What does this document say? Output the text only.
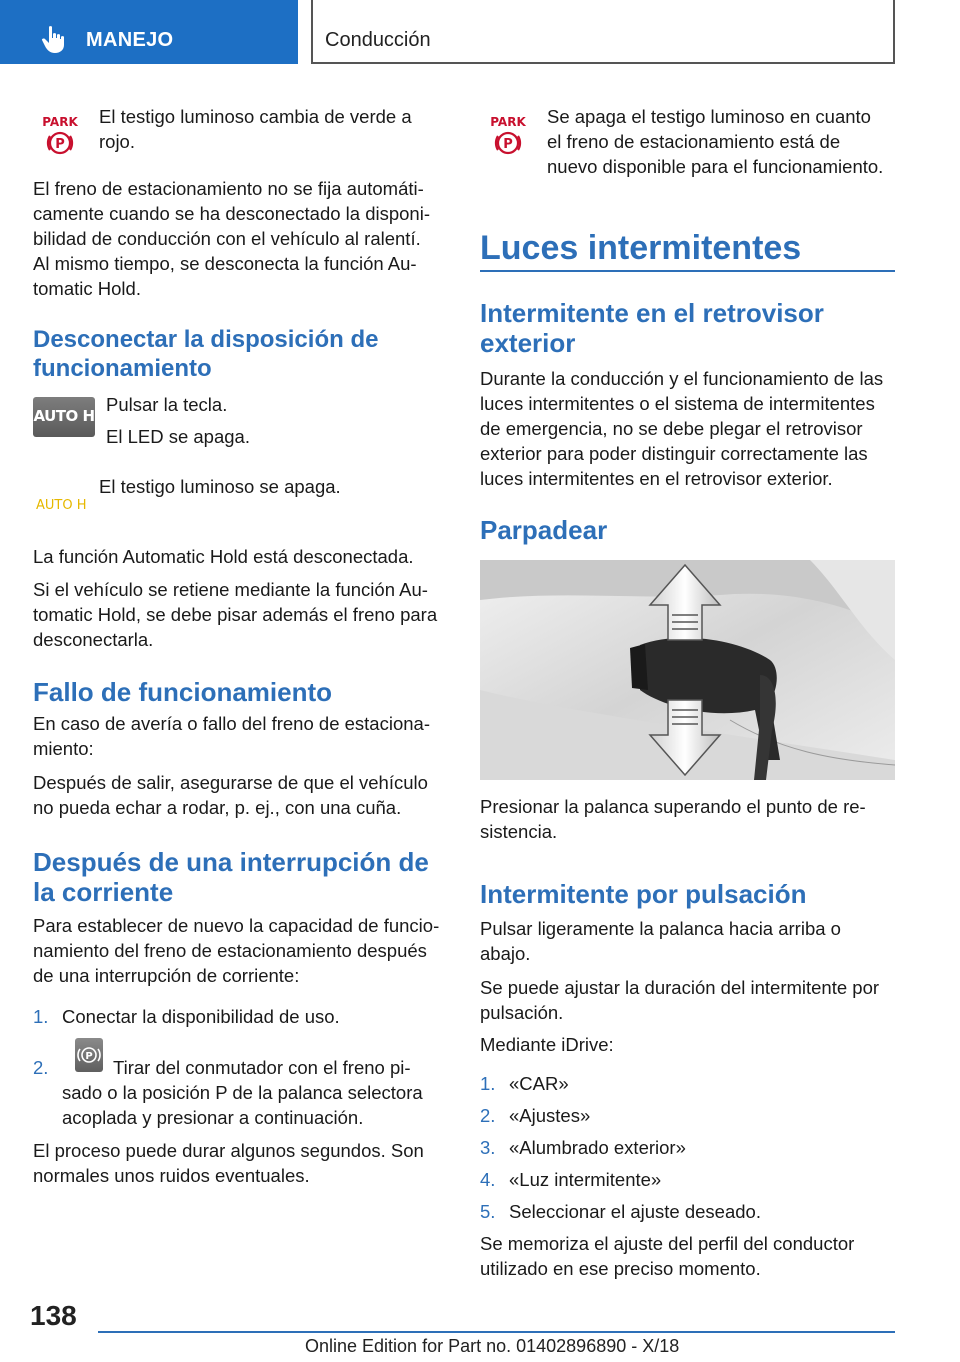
MANEJO	Conducción
PARK
P
El testigo luminoso cambia de verde a
rojo.
El freno de estacionamiento no se fija automáti-
camente cuando se ha desconectado la disponi-
bilidad de conducción con el vehículo al ralentí.
Al mismo tiempo, se desconecta la función Au-
tomatic Hold.
Desconectar la disposición de
funcionamiento
AUTO H
Pulsar la tecla.
El LED se apaga.
AUTO H
El testigo luminoso se apaga.
La función Automatic Hold está desconectada.
Si el vehículo se retiene mediante la función Au-
tomatic Hold, se debe pisar además el freno para
desconectarla.
Fallo de funcionamiento
En caso de avería o fallo del freno de estaciona-
miento:
Después de salir, asegurarse de que el vehículo
no pueda echar a rodar, p. ej., con una cuña.
Después de una interrupción de
la corriente
Para establecer de nuevo la capacidad de funcio-
namiento del freno de estacionamiento después
de una interrupción de corriente:
1. Conectar la disponibilidad de uso.
2.
P
Tirar del conmutador con el freno pi-
sado o la posición P de la palanca selectora
acoplada y presionar a continuación.
El proceso puede durar algunos segundos. Son
normales unos ruidos eventuales.
PARK
P
Se apaga el testigo luminoso en cuanto
el freno de estacionamiento está de
nuevo disponible para el funcionamiento.
Luces intermitentes
Intermitente en el retrovisor
exterior
Durante la conducción y el funcionamiento de las
luces intermitentes o el sistema de intermitentes
de emergencia, no se debe plegar el retrovisor
exterior para poder distinguir correctamente las
luces intermitentes en el retrovisor exterior.
Parpadear
Presionar la palanca superando el punto de re-
sistencia.
Intermitente por pulsación
Pulsar ligeramente la palanca hacia arriba o
abajo.
Se puede ajustar la duración del intermitente por
pulsación.
Mediante iDrive:
1. «CAR»
2. «Ajustes»
3. «Alumbrado exterior»
4. «Luz intermitente»
5. Seleccionar el ajuste deseado.
Se memoriza el ajuste del perfil del conductor
utilizado en ese preciso momento.
138
Online Edition for Part no. 01402896890 - X/18
